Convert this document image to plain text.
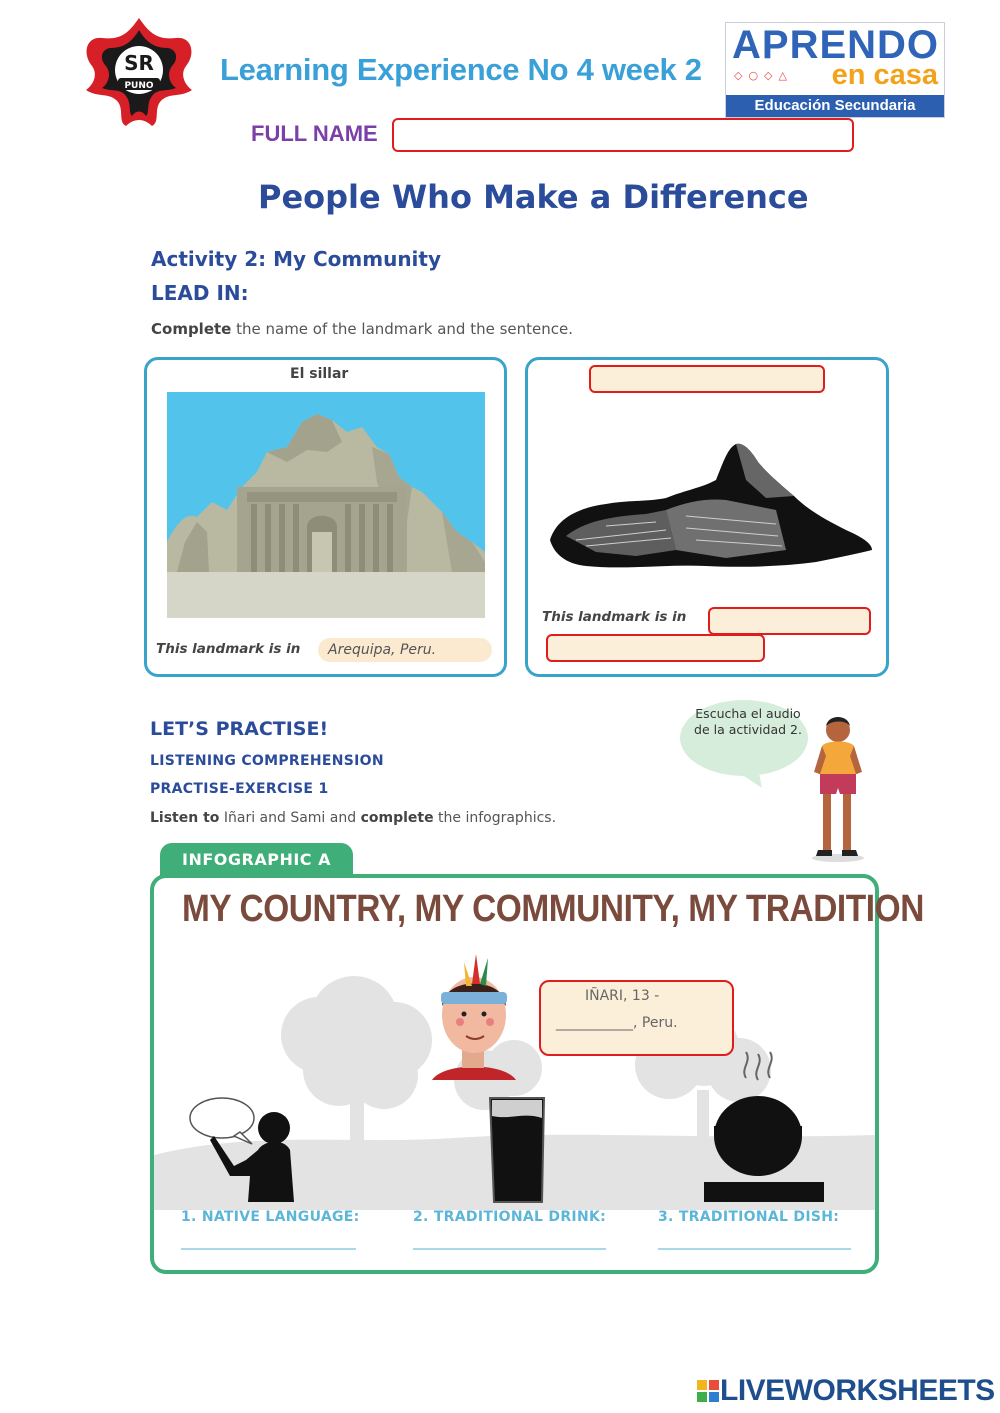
SR
PUNO Learning Experience No 4 week 2
APRENDO
◇○◇△ en casa
Educación Secundaria
FULL NAME
People Who Make a Difference
Activity 2: My Community
LEAD IN:
Complete the name of the landmark and the sentence.
El sillar
This landmark is in	Arequipa, Peru.
This landmark is in
LET’S PRACTISE!
LISTENING COMPREHENSION
PRACTISE-EXERCISE 1
Listen to Iñari and Sami and complete the infographics.
Escucha el audio de la actividad 2.
INFOGRAPHIC A
MY COUNTRY, MY COMMUNITY, MY TRADITION
IÑARI, 13 -
___________, Peru.
1. NATIVE LANGUAGE:	2. TRADITIONAL DRINK:	3. TRADITIONAL DISH:
LIVEWORKSHEETS
